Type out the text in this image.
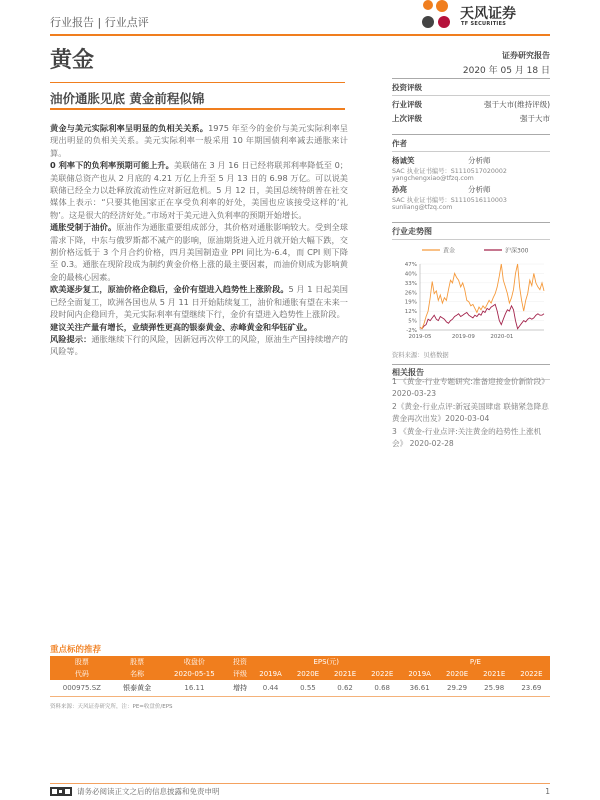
行业报告 | 行业点评
天风证券
TF SECURITIES
黄金
油价通胀见底 黄金前程似锦

黄金与美元实际利率呈明显的负相关关系。1975 年至今的金价与美元实际利率呈现出明显的负相关关系。美元实际利率一般采用 10 年期国债利率减去通胀来计算。

0 利率下的负利率预期可能上升。美联储在 3 月 16 日已经将联邦利率降低至 0；美联储总资产也从 2 月底的 4.21 万亿上升至 5 月 13 日的 6.98 万亿。可以说美联储已经全力以赴释放流动性应对新冠危机。5 月 12 日，美国总统特朗普在社交媒体上表示：“只要其他国家正在享受负利率的好处，美国也应该接受这样的‘礼物’。这是很大的经济好处。”市场对于美元进入负利率的预期开始增长。

通胀受制于油价。原油作为通胀重要组成部分，其价格对通胀影响较大。受到全球需求下降，中东与俄罗斯都不减产的影响，原油期货进入近月就开始大幅下跌，交割价格远低于 3 个月合约价格，四月美国制造业 PPI 同比为-6.4，而 CPI 则下降至 0.3。通胀在现阶段成为制约黄金价格上涨的最主要因素，而油价则成为影响黄金的最核心因素。

欧美逐步复工，原油价格企稳后，金价有望进入趋势性上涨阶段。5 月 1 日起美国已经全面复工，欧洲各国也从 5 月 11 日开始陆续复工，油价和通胀有望在未来一段时间内企稳回升，美元实际利率有望继续下行，金价有望进入趋势性上涨阶段。

建议关注产量有增长，业绩弹性更高的银泰黄金、赤峰黄金和华钰矿业。

风险提示：通胀继续下行的风险，因新冠再次停工的风险，原油生产国持续增产的风险等。

证券研究报告
2020 年 05 月 18 日
投资评级
行业评级	强于大市(维持评级)
上次评级	强于大市
作者
杨诚笑	分析师
SAC 执业证书编号：S1110517020002
yangchengxiao@tfzq.com
孙亮	分析师
SAC 执业证书编号：S1110516110003
sunliang@tfzq.com
行业走势图
黄金	沪深300
47%
40%
33%
26%
19%
12%
5%
-2%
2019-05	2019-09	2020-01
资料来源：贝格数据
相关报告
1 《黄金-行业专题研究:准备迎接金价新阶段》 2020-03-23
2《黄金-行业点评:新冠美国肆虐 联储紧急降息 黄金再次出发》2020-03-04
3 《黄金-行业点评:关注黄金的趋势性上涨机会》 2020-02-28
重点标的推荐
股票	股票	收盘价	投资	EPS(元)				P/E			
代码	名称	2020-05-15	评级	2019A	2020E	2021E	2022E	2019A	2020E	2021E	2022E
000975.SZ	银泰黄金	16.11	增持	0.44	0.55	0.62	0.68	36.61	29.29	25.98	23.69
资料来源：天风证券研究所，注：PE=收盘价/EPS
请务必阅读正文之后的信息披露和免责申明	1
